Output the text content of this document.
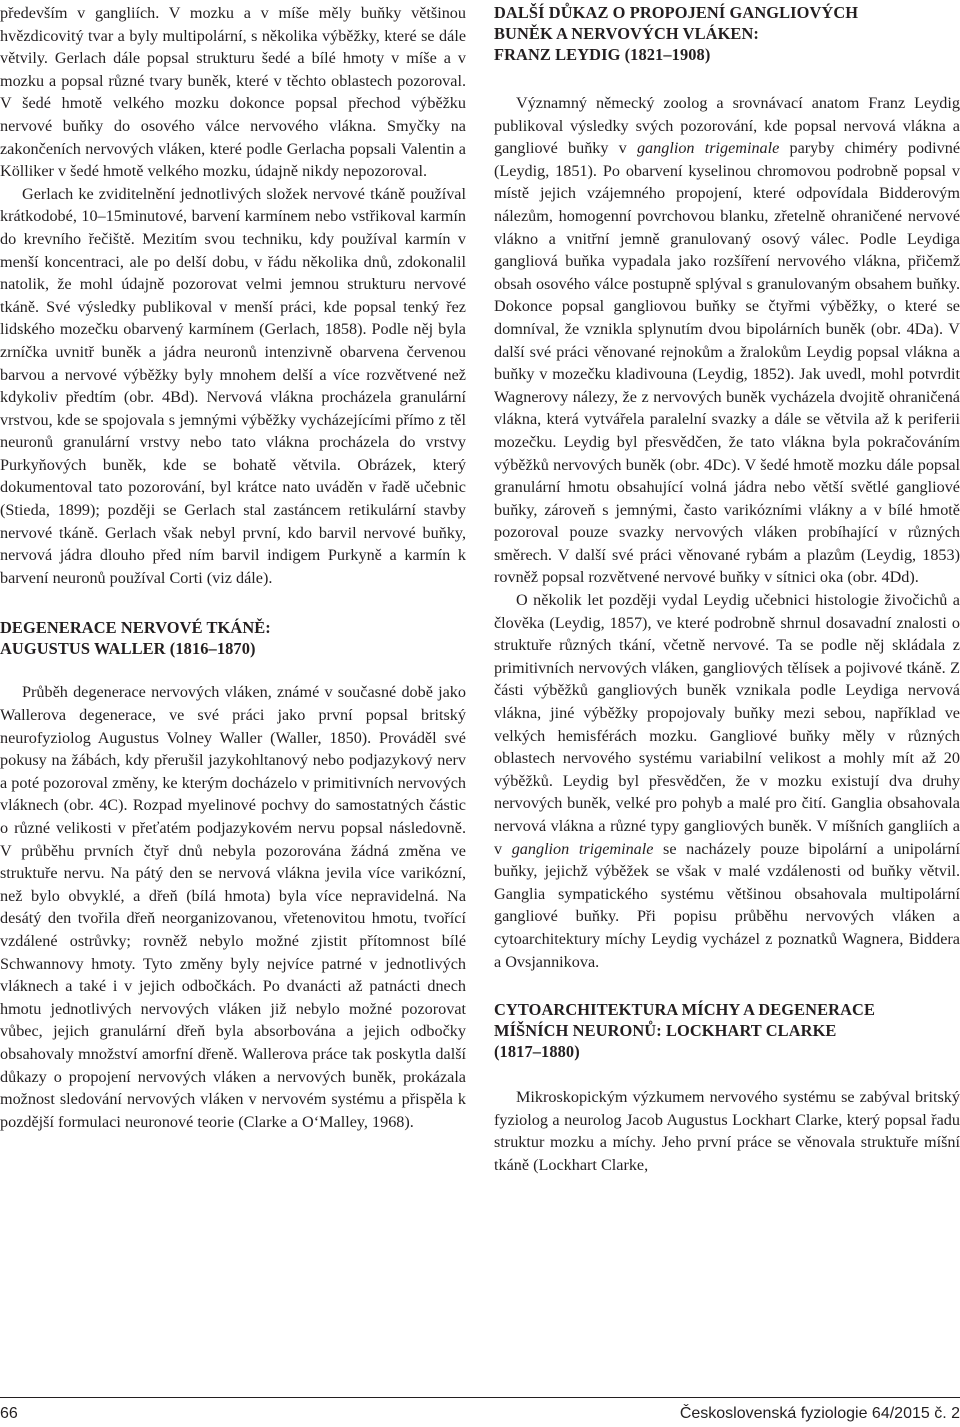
především v gangliích. V mozku a v míše měly buňky většinou hvězdicovitý tvar a byly multipolární, s několika výběžky, které se dále větvily. Gerlach dále popsal strukturu šedé a bílé hmoty v míše a v mozku a popsal různé tvary buněk, které v těchto oblastech pozoroval. V šedé hmotě velkého mozku dokonce popsal přechod výběžku nervové buňky do osového válce nervového vlákna. Smyčky na zakončeních nervových vláken, které podle Gerlacha popsali Valentin a Kölliker v šedé hmotě velkého mozku, údajně nikdy nepozoroval.

Gerlach ke zviditelnění jednotlivých složek nervové tkáně používal krátkodobé, 10–15minutové, barvení karmínem nebo vstřikoval karmín do krevního řečiště. Mezitím svou techniku, kdy používal karmín v menší koncentraci, ale po delší dobu, v řádu několika dnů, zdokonalil natolik, že mohl údajně pozorovat velmi jemnou strukturu nervové tkáně. Své výsledky publikoval v menší práci, kde popsal tenký řez lidského mozečku obarvený karmínem (Gerlach, 1858). Podle něj byla zrníčka uvnitř buněk a jádra neuronů intenzivně obarvena červenou barvou a nervové výběžky byly mnohem delší a více rozvětvené než kdykoliv předtím (obr. 4Bd). Nervová vlákna procházela granulární vrstvou, kde se spojovala s jemnými výběžky vycházejícími přímo z těl neuronů granulární vrstvy nebo tato vlákna procházela do vrstvy Purkyňových buněk, kde se bohatě větvila. Obrázek, který dokumentoval tato pozorování, byl krátce nato uváděn v řadě učebnic (Stieda, 1899); později se Gerlach stal zastáncem retikulární stavby nervové tkáně. Gerlach však nebyl první, kdo barvil nervové buňky, nervová jádra dlouho před ním barvil indigem Purkyně a karmín k barvení neuronů používal Corti (viz dále).

DEGENERACE NERVOVÉ TKÁNĚ:
AUGUSTUS WALLER (1816–1870)

Průběh degenerace nervových vláken, známé v současné době jako Wallerova degenerace, ve své práci jako první popsal britský neurofyziolog Augustus Volney Waller (Waller, 1850). Prováděl své pokusy na žábách, kdy přerušil jazykohltanový nebo podjazykový nerv a poté pozoroval změny, ke kterým docházelo v primitivních nervových vláknech (obr. 4C). Rozpad myelinové pochvy do samostatných částic o různé velikosti v přeťatém podjazykovém nervu popsal následovně. V průběhu prvních čtyř dnů nebyla pozorována žádná změna ve struktuře nervu. Na pátý den se nervová vlákna jevila více varikózní, než bylo obvyklé, a dřeň (bílá hmota) byla více nepravidelná. Na desátý den tvořila dřeň neorganizovanou, vřetenovitou hmotu, tvořící vzdálené ostrůvky; rovněž nebylo možné zjistit přítomnost bílé Schwannovy hmoty. Tyto změny byly nejvíce patrné v jednotlivých vláknech a také i v jejich odbočkách. Po dvanácti až patnácti dnech hmotu jednotlivých nervových vláken již nebylo možné pozorovat vůbec, jejich granulární dřeň byla absorbována a jejich odbočky obsahovaly množství amorfní dřeně. Wallerova práce tak poskytla další důkazy o propojení nervových vláken a nervových buněk, prokázala možnost sledování nervových vláken v nervovém systému a přispěla k pozdější formulaci neuronové teorie (Clarke a O‘Malley, 1968).

DALŠÍ DŮKAZ O PROPOJENÍ GANGLIOVÝCH
BUNĚK A NERVOVÝCH VLÁKEN:
FRANZ LEYDIG (1821–1908)

Významný německý zoolog a srovnávací anatom Franz Leydig publikoval výsledky svých pozorování, kde popsal nervová vlákna a gangliové buňky v ganglion trigeminale paryby chiméry podivné (Leydig, 1851). Po obarvení kyselinou chromovou podrobně popsal v místě jejich vzájemného propojení, které odpovídala Bidderovým nálezům, homogenní povrchovou blanku, zřetelně ohraničené nervové vlákno a vnitřní jemně granulovaný osový válec. Podle Leydiga gangliová buňka vypadala jako rozšíření nervového vlákna, přičemž obsah osového válce postupně splýval s granulovaným obsahem buňky. Dokonce popsal gangliovou buňky se čtyřmi výběžky, o které se domníval, že vznikla splynutím dvou bipolárních buněk (obr. 4Da). V další své práci věnované rejnokům a žralokům Leydig popsal vlákna a buňky v mozečku kladivouna (Leydig, 1852). Jak uvedl, mohl potvrdit Wagnerovy nálezy, že z nervových buněk vycházela dvojitě ohraničená vlákna, která vytvářela paralelní svazky a dále se větvila až k periferii mozečku. Leydig byl přesvědčen, že tato vlákna byla pokračováním výběžků nervových buněk (obr. 4Dc). V šedé hmotě mozku dále popsal granulární hmotu obsahující volná jádra nebo větší světlé gangliové buňky, zároveň s jemnými, často varikózními vlákny a v bílé hmotě pozoroval pouze svazky nervových vláken probíhající v různých směrech. V další své práci věnované rybám a plazům (Leydig, 1853) rovněž popsal rozvětvené nervové buňky v sítnici oka (obr. 4Dd).

O několik let později vydal Leydig učebnici histologie živočichů a člověka (Leydig, 1857), ve které podrobně shrnul dosavadní znalosti o struktuře různých tkání, včetně nervové. Ta se podle něj skládala z primitivních nervových vláken, gangliových tělísek a pojivové tkáně. Z části výběžků gangliových buněk vznikala podle Leydiga nervová vlákna, jiné výběžky propojovaly buňky mezi sebou, například ve velkých hemisférách mozku. Gangliové buňky měly v různých oblastech nervového systému variabilní velikost a mohly mít až 20 výběžků. Leydig byl přesvědčen, že v mozku existují dva druhy nervových buněk, velké pro pohyb a malé pro čití. Ganglia obsahovala nervová vlákna a různé typy gangliových buněk. V míšních gangliích a v ganglion trigeminale se nacházely pouze bipolární a unipolární buňky, jejichž výběžek se však v malé vzdálenosti od buňky větvil. Ganglia sympatického systému většinou obsahovala multipolární gangliové buňky. Při popisu průběhu nervových vláken a cytoarchitektury míchy Leydig vycházel z poznatků Wagnera, Biddera a Ovsjannikova.

CYTOARCHITEKTURA MÍCHY A DEGENERACE
MÍŠNÍCH NEURONŮ: LOCKHART CLARKE
(1817–1880)

Mikroskopickým výzkumem nervového systému se zabýval britský fyziolog a neurolog Jacob Augustus Lockhart Clarke, který popsal řadu struktur mozku a míchy. Jeho první práce se věnovala struktuře míšní tkáně (Lockhart Clarke,

66	Československá fyziologie 64/2015 č. 2
